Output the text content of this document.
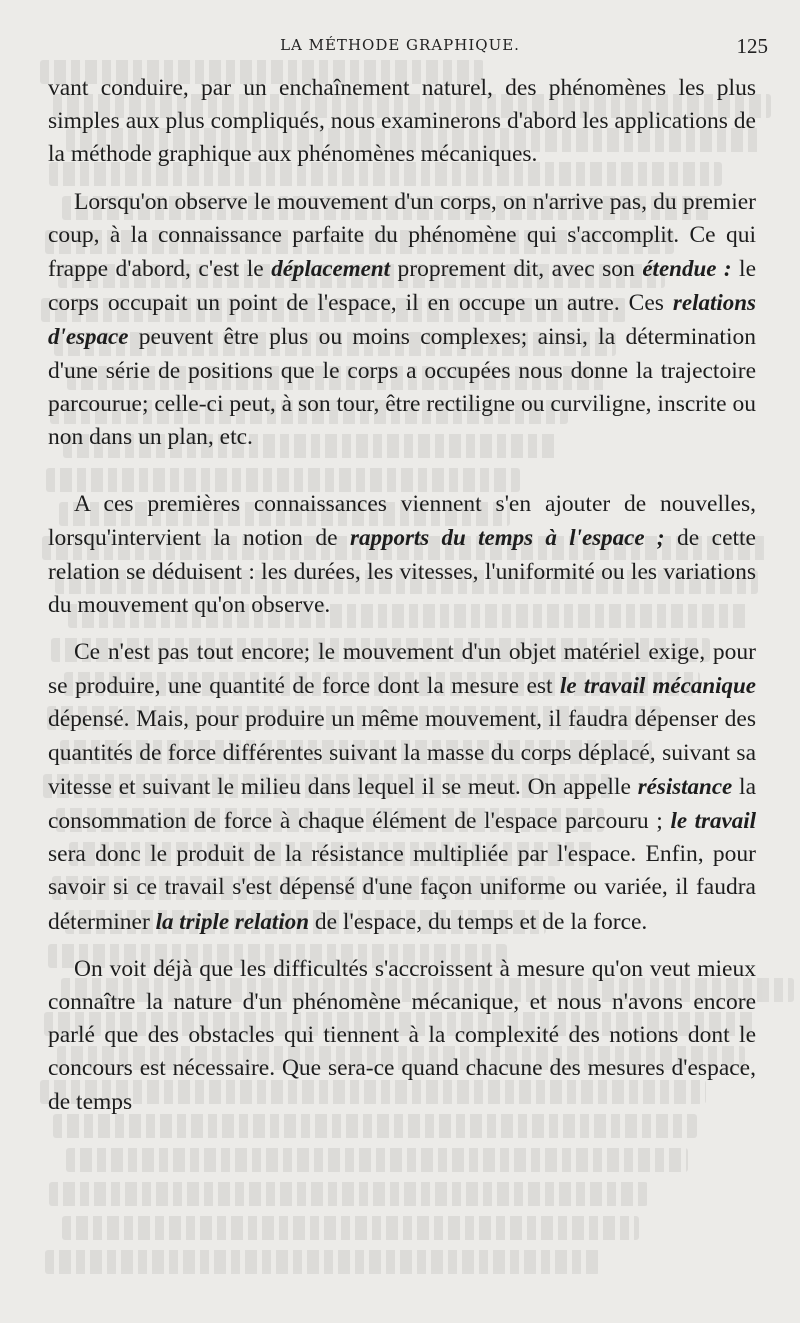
LA MÉTHODE GRAPHIQUE.	125

vant conduire, par un enchaînement naturel, des phénomènes les plus simples aux plus compliqués, nous examinerons d'abord les applications de la méthode graphique aux phénomènes mécaniques.

Lorsqu'on observe le mouvement d'un corps, on n'arrive pas, du premier coup, à la connaissance parfaite du phénomène qui s'accomplit. Ce qui frappe d'abord, c'est le déplacement proprement dit, avec son étendue : le corps occupait un point de l'espace, il en occupe un autre. Ces relations d'espace peuvent être plus ou moins complexes; ainsi, la détermination d'une série de positions que le corps a occupées nous donne la trajectoire parcourue; celle-ci peut, à son tour, être rectiligne ou curviligne, inscrite ou non dans un plan, etc.

A ces premières connaissances viennent s'en ajouter de nouvelles, lorsqu'intervient la notion de rapports du temps à l'espace ; de cette relation se déduisent : les durées, les vitesses, l'uniformité ou les variations du mouvement qu'on observe.

Ce n'est pas tout encore; le mouvement d'un objet matériel exige, pour se produire, une quantité de force dont la mesure est le travail mécanique dépensé. Mais, pour produire un même mouvement, il faudra dépenser des quantités de force différentes suivant la masse du corps déplacé, suivant sa vitesse et suivant le milieu dans lequel il se meut. On appelle résistance la consommation de force à chaque élément de l'espace parcouru ; le travail sera donc le produit de la résistance multipliée par l'espace. Enfin, pour savoir si ce travail s'est dépensé d'une façon uniforme ou variée, il faudra déterminer la triple relation de l'espace, du temps et de la force.

On voit déjà que les difficultés s'accroissent à mesure qu'on veut mieux connaître la nature d'un phénomène mécanique, et nous n'avons encore parlé que des obstacles qui tiennent à la complexité des notions dont le concours est nécessaire. Que sera-ce quand chacune des mesures d'espace, de temps
